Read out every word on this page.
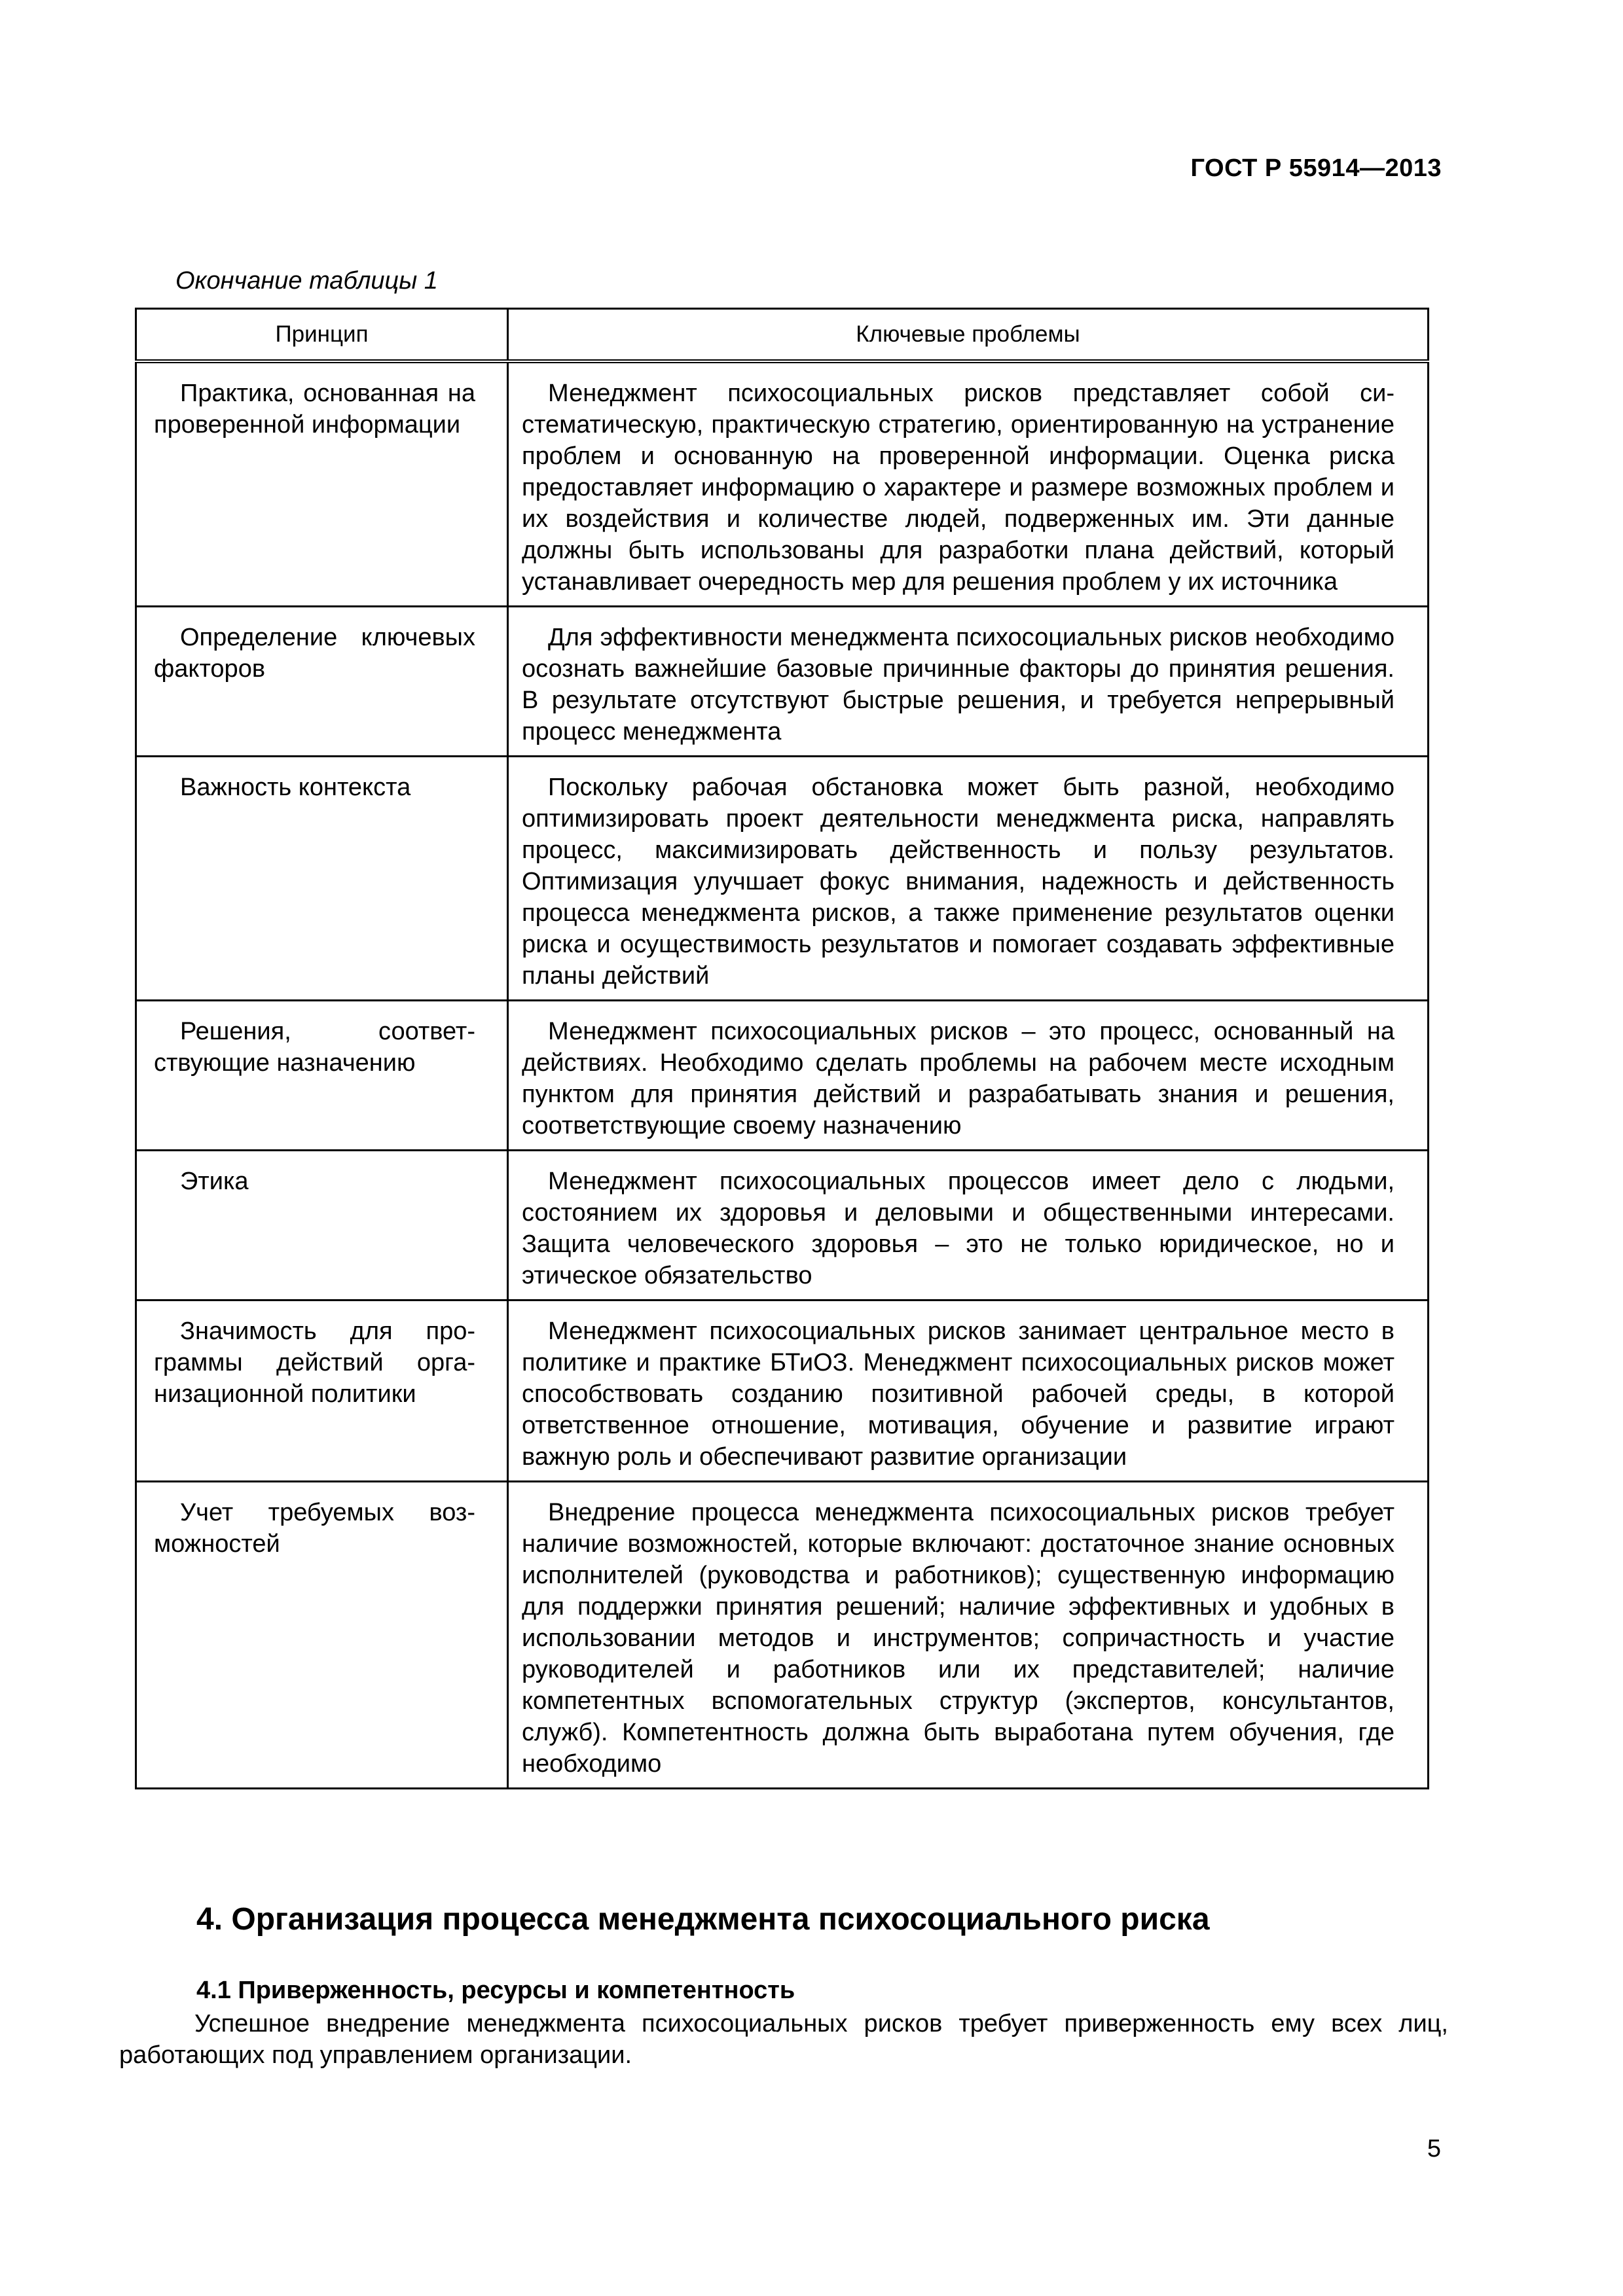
ГОСТ Р 55914—2013
Окончание таблицы 1
Принцип	Ключевые проблемы

Практика, основанная на проверенной информации	Менеджмент психосоциальных рисков представляет собой систематическую, практическую стратегию, ориентированную на устранение проблем и основанную на проверенной информации. Оценка риска предоставляет информацию о характере и размере возможных проблем и их воздействия и количестве людей, подверженных им. Эти данные должны быть использованы для разработки плана действий, который устанавливает очередность мер для решения проблем у их источника

Определение ключевых факторов	Для эффективности менеджмента психосоциальных рисков необходимо осознать важнейшие базовые причинные факторы до принятия решения. В результате отсутствуют быстрые решения, и требуется непрерывный процесс менеджмента

Важность контекста	Поскольку рабочая обстановка может быть разной, необходимо оптимизировать проект деятельности менеджмента риска, направлять процесс, максимизировать действенность и пользу результатов. Оптимизация улучшает фокус внимания, надежность и действенность процесса менеджмента рисков, а также применение результатов оценки риска и осуществимость результатов и помогает создавать эффективные планы действий

Решения, соответствующие назначению	Менеджмент психосоциальных рисков – это процесс, основанный на действиях. Необходимо сделать проблемы на рабочем месте исходным пунктом для принятия действий и разрабатывать знания и решения, соответствующие своему назначению

Этика	Менеджмент психосоциальных процессов имеет дело с людьми, состоянием их здоровья и деловыми и общественными интересами. Защита человеческого здоровья – это не только юридическое, но и этическое обязательство

Значимость для программы действий организационной политики	Менеджмент психосоциальных рисков занимает центральное место в политике и практике БТиОЗ. Менеджмент психосоциальных рисков может способствовать созданию позитивной рабочей среды, в которой ответственное отношение, мотивация, обучение и развитие играют важную роль и обеспечивают развитие организации

Учет требуемых возможностей	Внедрение процесса менеджмента психосоциальных рисков требует наличие возможностей, которые включают: достаточное знание основных исполнителей (руководства и работников); существенную информацию для поддержки принятия решений; наличие эффективных и удобных в использовании методов и инструментов; сопричастность и участие руководителей и работников или их представителей; наличие компетентных вспомогательных структур (экспертов, консультантов, служб). Компетентность должна быть выработана путем обучения, где необходимо

4. Организация процесса менеджмента психосоциального риска
4.1 Приверженность, ресурсы и компетентность

Успешное внедрение менеджмента психосоциальных рисков требует приверженность ему всех лиц, работающих под управлением организации.

5
